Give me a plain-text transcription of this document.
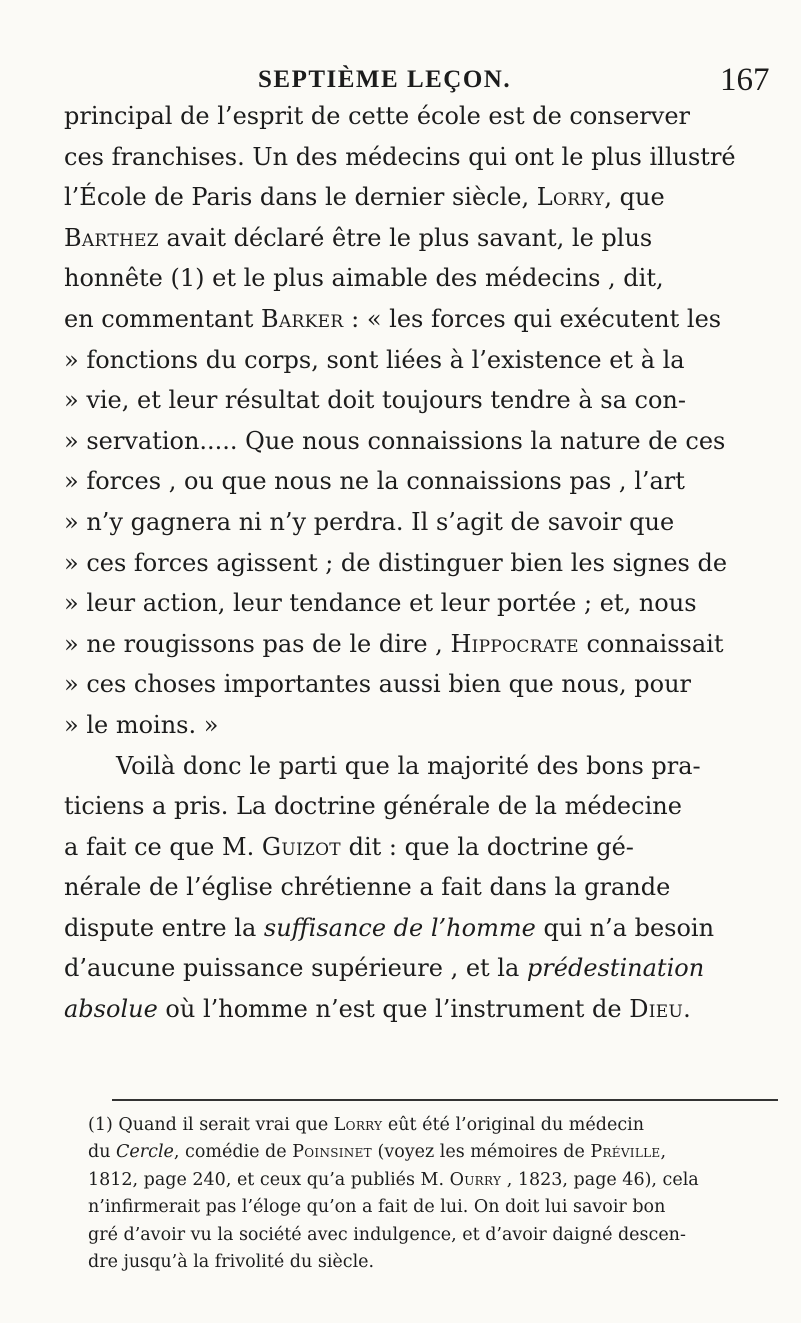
SEPTIÈME LEÇON.	167
principal de l’esprit de cette école est de conserver
ces franchises. Un des médecins qui ont le plus illustré
l’École de Paris dans le dernier siècle, Lorry, que
Barthez avait déclaré être le plus savant, le plus
honnête (1) et le plus aimable des médecins , dit,
en commentant Barker : « les forces qui exécutent les
» fonctions du corps, sont liées à l’existence et à la
» vie, et leur résultat doit toujours tendre à sa con-
» servation..... Que nous connaissions la nature de ces
» forces , ou que nous ne la connaissions pas , l’art
» n’y gagnera ni n’y perdra. Il s’agit de savoir que
» ces forces agissent ; de distinguer bien les signes de
» leur action, leur tendance et leur portée ; et, nous
» ne rougissons pas de le dire , Hippocrate connaissait
» ces choses importantes aussi bien que nous, pour
» le moins. »
Voilà donc le parti que la majorité des bons pra-
ticiens a pris. La doctrine générale de la médecine
a fait ce que M. Guizot dit : que la doctrine gé-
nérale de l’église chrétienne a fait dans la grande
dispute entre la suffisance de l’homme qui n’a besoin
d’aucune puissance supérieure , et la prédestination
absolue où l’homme n’est que l’instrument de Dieu.
(1) Quand il serait vrai que Lorry eût été l’original du médecin
du Cercle, comédie de Poinsinet (voyez les mémoires de Préville,
1812, page 240, et ceux qu’a publiés M. Ourry , 1823, page 46), cela
n’infirmerait pas l’éloge qu’on a fait de lui. On doit lui savoir bon
gré d’avoir vu la société avec indulgence, et d’avoir daigné descen-
dre jusqu’à la frivolité du siècle.
